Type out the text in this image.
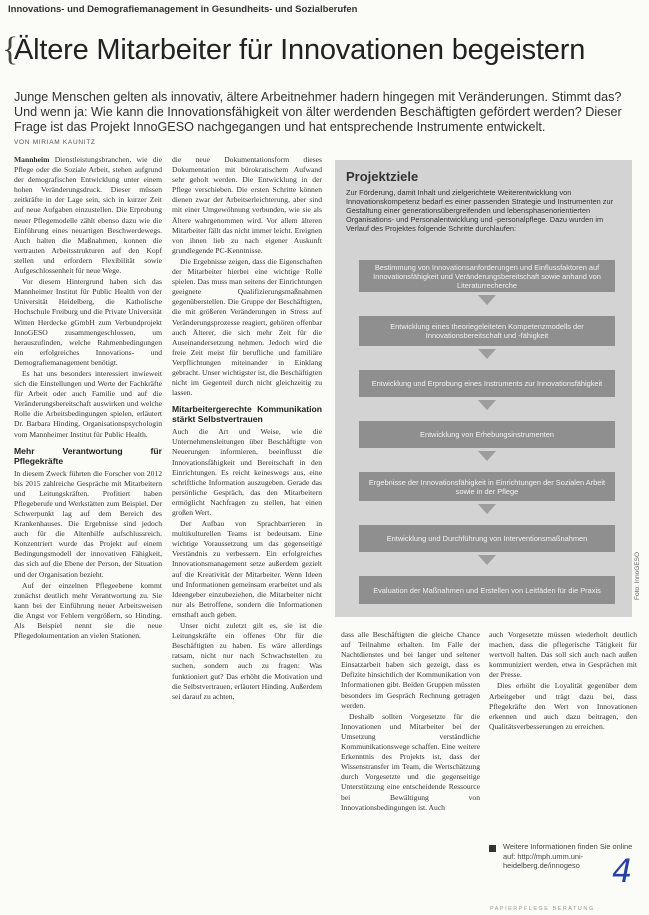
Innovations- und Demografiemanagement in Gesundheits- und Sozialberufen
{
Ältere Mitarbeiter für Innovationen begeistern
Junge Menschen gelten als innovativ, ältere Arbeitnehmer hadern hingegen mit Veränderungen. Stimmt das? Und wenn ja: Wie kann die Innovationsfähigkeit von älter werdenden Beschäftigten gefördert werden? Dieser Frage ist das Projekt InnoGESO nachgegangen und hat entsprechende Instrumente entwickelt.
VON MIRIAM KAUNITZ

Mannheim Dienstleistungsbranchen, wie die Pflege oder die Soziale Arbeit, stehen aufgrund der demografischen Entwicklung unter einem hohen Veränderungsdruck. Dieser müssen zeitkräfte in der Lage sein, sich in kurzer Zeit auf neue Aufgaben einzustellen. Die Erprobung neuer Pflegemodelle zählt ebenso dazu wie die Einführung eines neuartigen Beschwerdewegs. Auch halten die Maßnahmen, konnen die vertrauten Arbeitsstrukturen auf den Kopf stellen und erfordern Flexibilität sowie Aufgeschlossenheit für neue Wege.

Vor diesem Hintergrund haben sich das Mannheimer Institut für Public Health von der Universität Heidelberg, die Katholische Hochschule Freiburg und die Private Universität Witten Herdecke gGmbH zum Verbundprojekt InnoGESO zusammengeschlossen, um herauszufinden, welche Rahmenbedingungen ein erfolgreiches Innovations- und Demografiemanagement benötigt.

Es hat uns besonders interessiert inwieweit sich die Einstellungen und Werte der Fachkräfte für Arbeit oder auch Familie und auf die Veränderungsbereitschaft auswirken und welche Rolle die Arbeitsbedingungen spielen, erläutert Dr. Barbara Hinding, Organisationspsychologin vom Mannheimer Institut für Public Health.

Mehr Verantwortung für Pflegekräfte

In diesem Zweck führten die Forscher von 2012 bis 2015 zahlreiche Gespräche mit Mitarbeitern und Leitungskräften. Profitiert haben Pflegeberufe und Werkstätten zum Beispiel. Der Schwerpunkt lag auf dem Bereich des Krankenhauses. Die Ergebnisse sind jedoch auch für die Altenhilfe aufschlussreich. Konzentriert wurde das Projekt auf einem Bedingungsmodell der innovativen Fähigkeit, das sich auf die Ebene der Person, der Situation und der Organisation bezieht.

Auf der einzelnen Pflegeebene kommt zunächst deutlich mehr Verantwortung zu. Sie kann bei der Einführung neuer Arbeitsweisen die Angst vor Fehlern vergrößern, so Hinding. Als Beispiel nennt sie die neue Pflegedokumentation an vielen Stationen.

die neue Dokumentationsform dieses Dokumentation mit bürokratischem Aufwand sehr geholt werden. Die Entwicklung in der Pflege verschieben. Die ersten Schritte können dienen zwar der Arbeitserleichterung, aber sind mit einer Umgewöhnung verbunden, wie sie als Ältere wahrgenommen wird. Vor allem älteren Mitarbeiter fällt das nicht immer leicht. Ereignen von ihnen lieb zu nach eigener Auskunft grundlegende PC-Kenntnisse.

Die Ergebnisse zeigen, dass die Eigenschaften der Mitarbeiter hierbei eine wichtige Rolle spielen. Das muss man seitens der Einrichtungen geeignete Qualifizierungsmaßnahmen gegenüberstellen. Die Gruppe der Beschäftigten, die mit größeren Veränderungen in Stress auf Veränderungsprozesse reagiert, gehören offenbar auch Älterer, die sich mehr Zeit für die Auseinandersetzung nehmen. Jedoch wird die freie Zeit meist für berufliche und familiäre Verpflichtungen miteinander in Einklang gebracht. Unser wichtigster ist, die Beschäftigten nicht im Gegenteil durch nicht gleichzeitig zu lassen.

Mitarbeitergerechte Kommunikation stärkt Selbstvertrauen

Auch die Art und Weise, wie die Unternehmensleitungen über Beschäftigte von Neuerungen informieren, beeinflusst die Innovationsfähigkeit und Bereitschaft in den Einrichtungen. Es reicht keineswegs aus, eine schriftliche Information auszugeben. Gerade das persönliche Gespräch, das den Mitarbeitern ermöglicht Nachfragen zu stellen, hat einen großen Wert.

Der Aufbau von Sprachbarrieren in multikulturellen Teams ist bedeutsam. Eine wichtige Voraussetzung um das gegenseitige Verständnis zu verbessern. Ein erfolgreiches Innovationsmanagement setze außerdem gezielt auf die Kreativität der Mitarbeiter. Wenn Ideen und Informationen gemeinsam erarbeitet und als Ideengeber einzubeziehen, die Mitarbeiter nicht nur als Betroffene, sondern die Informationen ernsthaft auch geben.

Unser nicht zuletzt gilt es, sie ist die Leitungskräfte ein offenes Ohr für die Beschäftigten zu haben. Es wäre allerdings ratsam, nicht nur nach Schwachstellen zu suchen, sondern auch zu fragen: Was funktioniert gut? Das erhöht die Motivation und die Selbstvertrauen, erläutert Hinding. Außerdem sei darauf zu achten,

Projektziele
Zur Förderung, damit Inhalt und zielgerichtete Weiterentwicklung von Innovationskompetenz bedarf es einer passenden Strategie und Instrumenten zur Gestaltung einer generationsübergreifenden und lebensphasenorientierten Organisations- und Personalentwicklung und -personalpflege. Dazu wurden im Verlauf des Projektes folgende Schritte durchlaufen:
Bestimmung von Innovationsanforderungen und Einflussfaktoren auf Innovationsfähigkeit und Veränderungsbereitschaft sowie anhand von Literaturrecherche
Entwicklung eines theoriegeleiteten Kompetenzmodells der Innovationsbereitschaft und -fähigkeit
Entwicklung und Erprobung eines Instruments zur Innovationsfähigkeit
Entwicklung von Erhebungsinstrumenten
Ergebnisse der Innovationsfähigkeit in Einrichtungen der Sozialen Arbeit sowie in der Pflege
Entwicklung und Durchführung von Interventionsmaßnahmen
Evaluation der Maßnahmen und Erstellen von Leitfäden für die Praxis	Foto: InnoGESO

dass alle Beschäftigten die gleiche Chance auf Teilnahme erhalten. Im Falle der Nachtdienstes und bei langer und seltener Einsatzarbeit haben sich gezeigt, dass es Defizite hinsichtlich der Kommunikation von Informationen gibt. Beiden Gruppen müssten besonders im Gespräch Rechnung getragen werden.

Deshalb sollten Vorgesetzte für die Innovationen und Mitarbeiter bei der Umsetzung verständliche Kommunikationswege schaffen. Eine weitere Erkenntnis des Projekts ist, dass der Wissenstransfer im Team, die Wertschätzung durch Vorgesetzte und die gegenseitige Unterstützung eine entscheidende Ressource bei Bewältigung von Innovationsbedingungen ist. Auch

auch Vorgesetzte müssen wiederholt deutlich machen, dass die pflegerische Tätigkeit für wertvoll halten. Das soll sich auch nach außen kommuniziert werden, etwa in Gesprächen mit der Presse.

Dies erhöht die Loyalität gegenüber dem Arbeitgeber und trägt dazu bei, dass Pflegekräfte den Wert von Innovationen erkennen und auch dazu beitragen, den Qualitätsverbesserungen zu erreichen.

Weitere Informationen finden Sie online auf: http://mph.umm.uni-heidelberg.de/innogeso	4
PAPIERPFLEGE BERATUNG
